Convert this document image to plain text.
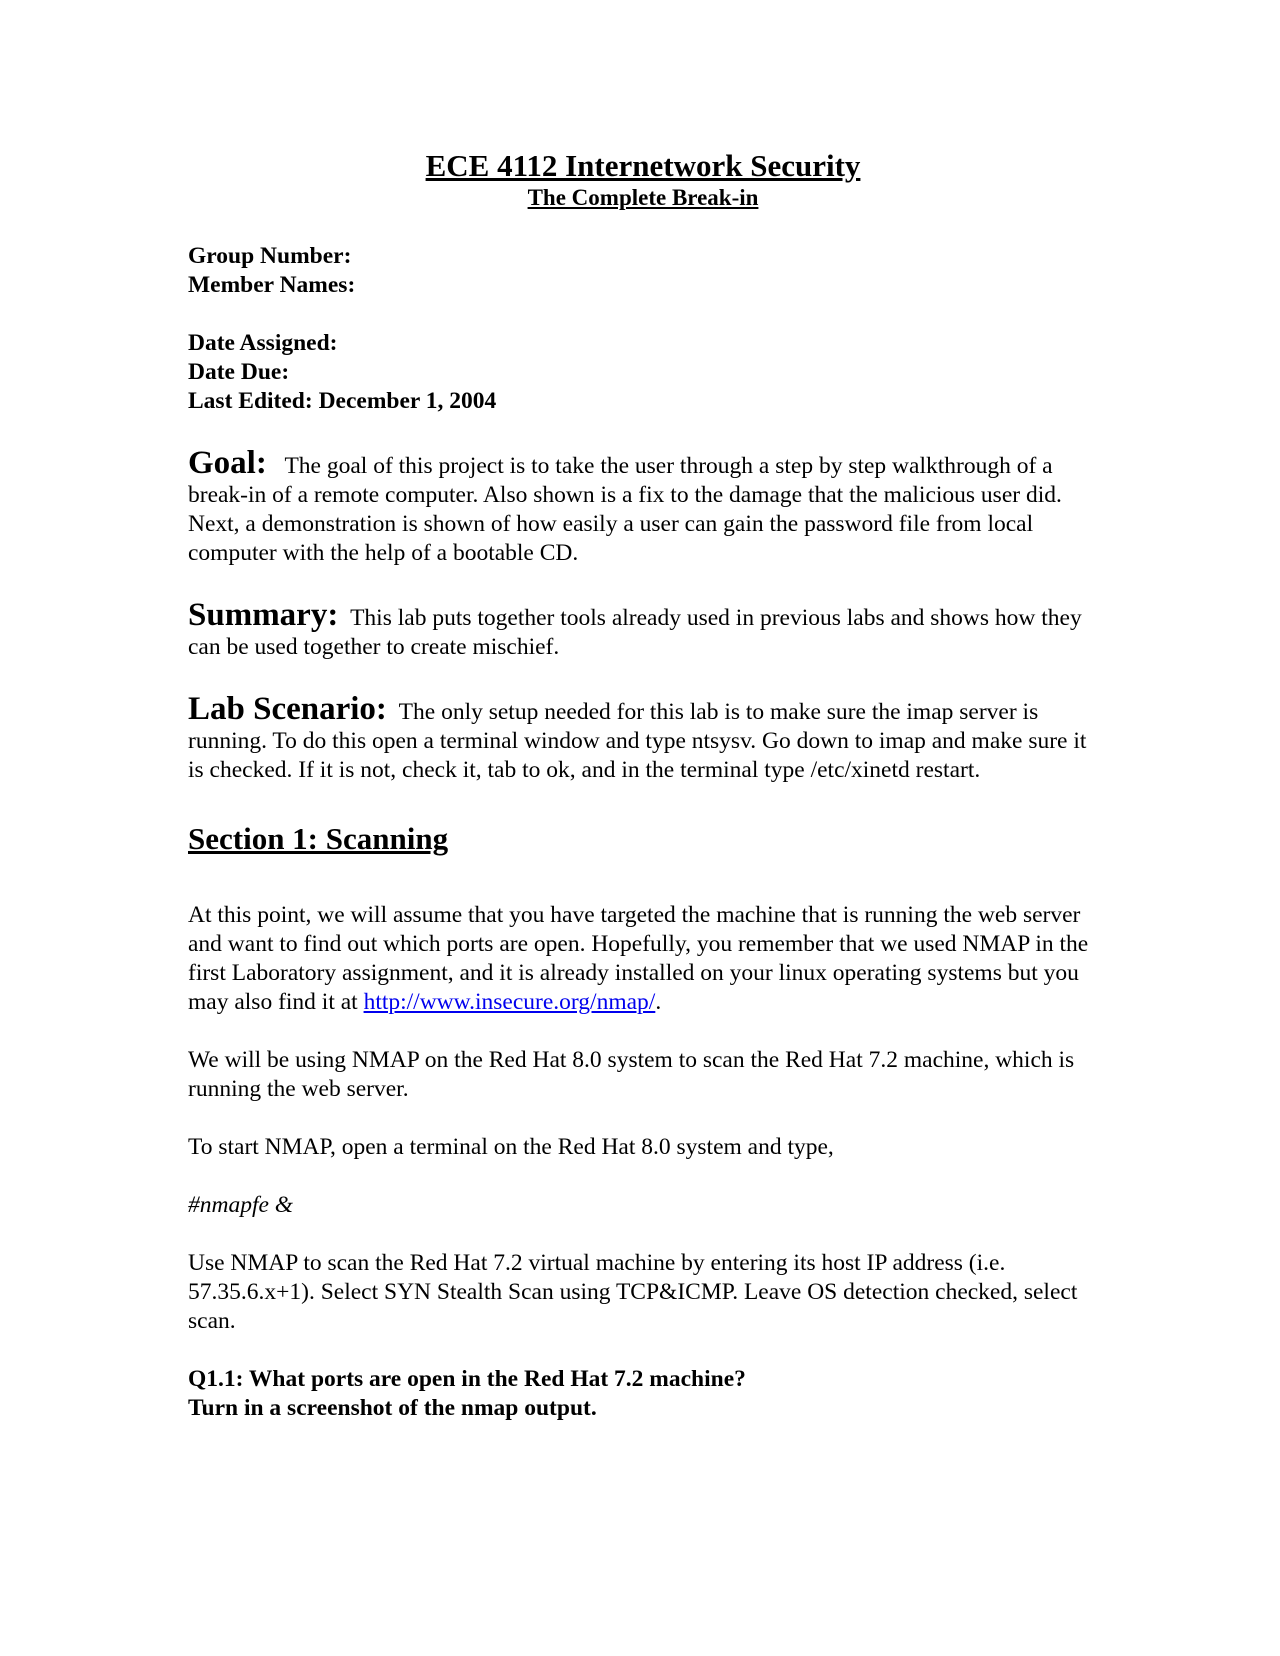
ECE 4112 Internetwork Security

The Complete Break-in

Group Number:

Member Names:

Date Assigned:

Date Due:

Last Edited: December 1, 2004

Goal: The goal of this project is to take the user through a step by step walkthrough of a break-in of a remote computer. Also shown is a fix to the damage that the malicious user did. Next, a demonstration is shown of how easily a user can gain the password file from local computer with the help of a bootable CD.

Summary: This lab puts together tools already used in previous labs and shows how they can be used together to create mischief.

Lab Scenario: The only setup needed for this lab is to make sure the imap server is running. To do this open a terminal window and type ntsysv. Go down to imap and make sure it is checked. If it is not, check it, tab to ok, and in the terminal type /etc/xinetd restart.

Section 1: Scanning

At this point, we will assume that you have targeted the machine that is running the web server and want to find out which ports are open. Hopefully, you remember that we used NMAP in the first Laboratory assignment, and it is already installed on your linux operating systems but you may also find it at http://www.insecure.org/nmap/.

We will be using NMAP on the Red Hat 8.0 system to scan the Red Hat 7.2 machine, which is running the web server.

To start NMAP, open a terminal on the Red Hat 8.0 system and type,

#nmapfe &

Use NMAP to scan the Red Hat 7.2 virtual machine by entering its host IP address (i.e. 57.35.6.x+1). Select SYN Stealth Scan using TCP&ICMP. Leave OS detection checked, select scan.

Q1.1: What ports are open in the Red Hat 7.2 machine?

Turn in a screenshot of the nmap output.
